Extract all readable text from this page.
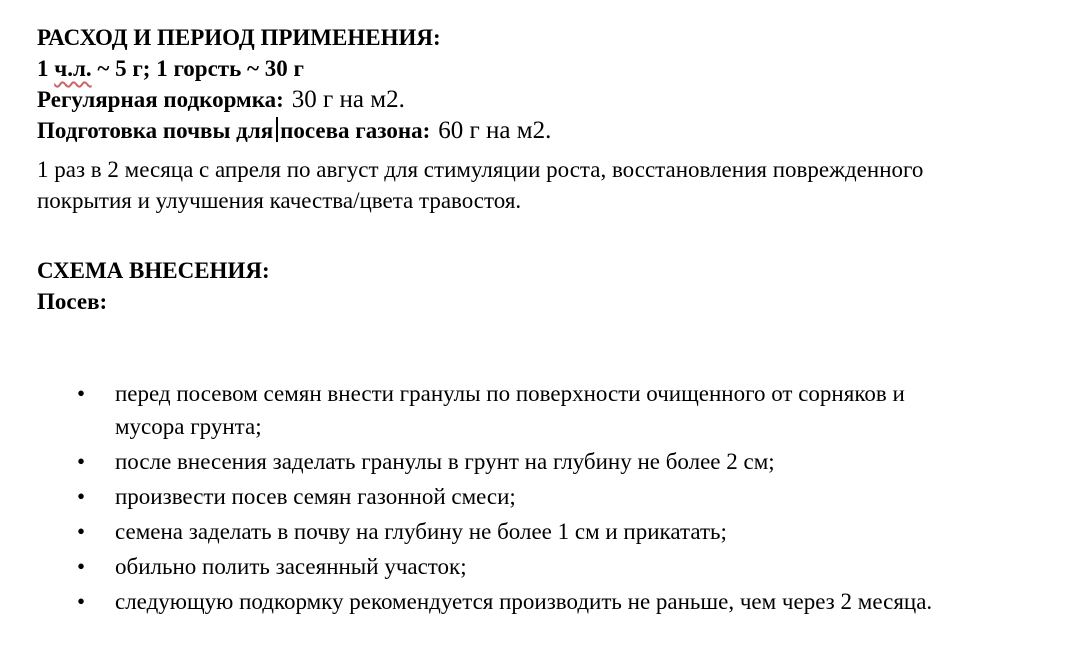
РАСХОД И ПЕРИОД ПРИМЕНЕНИЯ:

1 ч.л. ~ 5 г; 1 горсть ~ 30 г

Регулярная подкормка: 30 г на м2.

Подготовка почвы для посева газона: 60 г на м2.

1 раз в 2 месяца с апреля по август для стимуляции роста, восстановления поврежденного покрытия и улучшения качества/цвета травостоя.

СХЕМА ВНЕСЕНИЯ:

Посев:

• перед посевом семян внести гранулы по поверхности очищенного от сорняков и мусора грунта;
• после внесения заделать гранулы в грунт на глубину не более 2 см;
• произвести посев семян газонной смеси;
• семена заделать в почву на глубину не более 1 см и прикатать;
• обильно полить засеянный участок;
• следующую подкормку рекомендуется производить не раньше, чем через 2 месяца.
